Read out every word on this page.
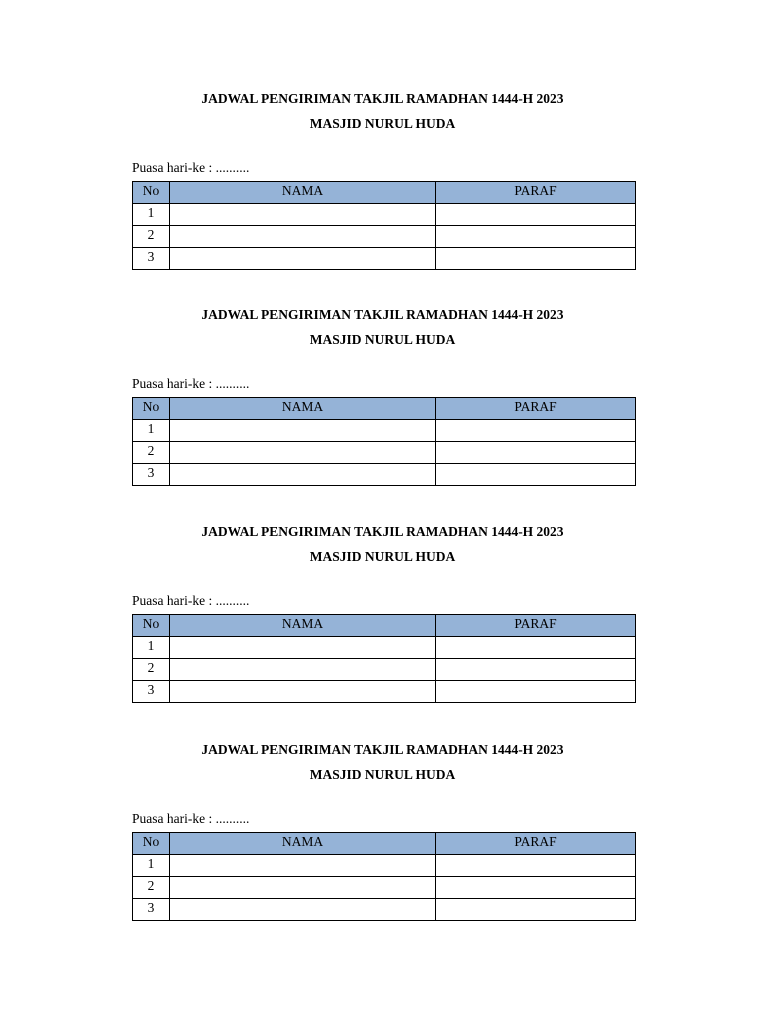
JADWAL PENGIRIMAN TAKJIL RAMADHAN 1444-H 2023
MASJID NURUL HUDA
Puasa hari-ke : ..........
No	NAMA	PARAF
1		
2		
3		
JADWAL PENGIRIMAN TAKJIL RAMADHAN 1444-H 2023
MASJID NURUL HUDA
Puasa hari-ke : ..........
No	NAMA	PARAF
1		
2		
3		
JADWAL PENGIRIMAN TAKJIL RAMADHAN 1444-H 2023
MASJID NURUL HUDA
Puasa hari-ke : ..........
No	NAMA	PARAF
1		
2		
3		
JADWAL PENGIRIMAN TAKJIL RAMADHAN 1444-H 2023
MASJID NURUL HUDA
Puasa hari-ke : ..........
No	NAMA	PARAF
1		
2		
3		
